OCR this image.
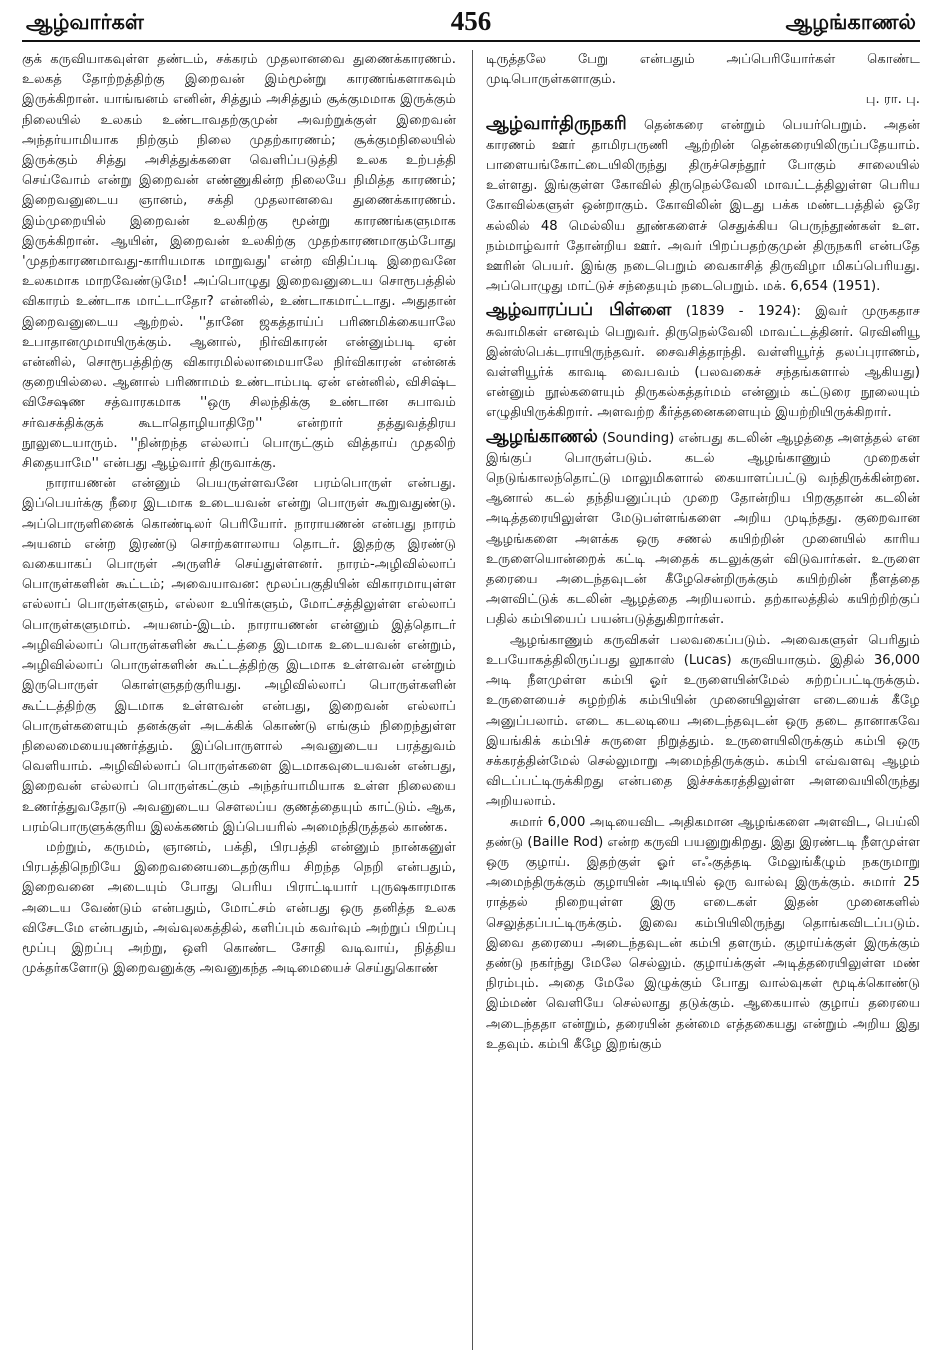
ஆழ்வார்கள்	456	ஆழங்காணல்

குக் கருவியாகவுள்ள தண்டம், சக்கரம் முதலானவை துணைக்காரணம். உலகத் தோற்றத்திற்கு இறைவன் இம்மூன்று காரணங்களாகவும் இருக்கிறான். யாங்ஙனம் எனின், சித்தும் அசித்தும் சூக்குமமாக இருக்கும் நிலையில் உலகம் உண்டாவதற்குமுன் அவற்றுக்குள் இறைவன் அந்தர்யாமியாக நிற்கும் நிலை முதற்காரணம்; சூக்குமநிலையில் இருக்கும் சித்து அசித்துக்களை வெளிப்படுத்தி உலக உற்பத்தி செய்வோம் என்று இறைவன் எண்ணுகின்ற நிலையே நிமித்த காரணம்; இறைவனுடைய ஞானம், சக்தி முதலானவை துணைக்காரணம். இம்முறையில் இறைவன் உலகிற்கு மூன்று காரணங்களுமாக இருக்கிறான். ஆயின், இறைவன் உலகிற்கு முதற்காரணமாகும்போது 'முதற்காரணமாவது-காரியமாக மாறுவது' என்ற விதிப்படி இறைவனே உலகமாக மாறவேண்டுமே! அப்பொழுது இறைவனுடைய சொரூபத்தில் விகாரம் உண்டாக மாட்டாதோ? என்னில், உண்டாகமாட்டாது. அதுதான் இறைவனுடைய ஆற்றல். ''தானே ஜகத்தாய்ப் பரிணமிக்கையாலே உபாதானமுமாயிருக்கும். ஆனால், நிர்விகாரன் என்னும்படி ஏன் என்னில், சொரூபத்திற்கு விகாரமில்லாமையாலே நிர்விகாரன் என்னக் குறையில்லை. ஆனால் பரிணாமம் உண்டாம்படி ஏன் என்னில், விசிஷ்ட விசேஷண சத்வாரகமாக ''ஒரு சிலந்திக்கு உண்டான சுபாவம் சர்வசக்திக்குக் கூடாதொழியாதிறே'' என்றார் தத்துவத்திரய நூலுடையாரும். ''நின்றந்த எல்லாப் பொருட்கும் வித்தாய் முதலிற் சிதையாமே'' என்பது ஆழ்வார் திருவாக்கு.

நாராயணன் என்னும் பெயருள்ளவனே பரம்பொருள் என்பது. இப்பெயர்க்கு நீரை இடமாக உடையவன் என்று பொருள் கூறுவதுண்டு. அப்பொருளினைக் கொண்டிலர் பெரியோர். நாராயணன் என்பது நாரம் அயனம் என்ற இரண்டு சொற்களாலாய தொடர். இதற்கு இரண்டு வகையாகப் பொருள் அருளிச் செய்துள்ளனர். நாரம்-அழிவில்லாப் பொருள்களின் கூட்டம்; அவையாவன: மூலப்பகுதியின் விகாரமாயுள்ள எல்லாப் பொருள்களும், எல்லா உயிர்களும், மோட்சத்திலுள்ள எல்லாப் பொருள்களுமாம். அயனம்-இடம். நாராயணன் என்னும் இத்தொடர் அழிவில்லாப் பொருள்களின் கூட்டத்தை இடமாக உடையவன் என்றும், அழிவில்லாப் பொருள்களின் கூட்டத்திற்கு இடமாக உள்ளவன் என்றும் இருபொருள் கொள்ளுதற்குரியது. அழிவில்லாப் பொருள்களின் கூட்டத்திற்கு இடமாக உள்ளவன் என்பது, இறைவன் எல்லாப் பொருள்களையும் தனக்குள் அடக்கிக் கொண்டு எங்கும் நிறைந்துள்ள நிலைமையையுணர்த்தும். இப்பொருளால் அவனுடைய பரத்துவம் வெளியாம். அழிவில்லாப் பொருள்களை இடமாகவுடையவன் என்பது, இறைவன் எல்லாப் பொருள்கட்கும் அந்தர்யாமியாக உள்ள நிலையை உணர்த்துவதோடு அவனுடைய சௌலப்ய குணத்தையும் காட்டும். ஆக, பரம்பொருளுக்குரிய இலக்கணம் இப்பெயரில் அமைந்திருத்தல் காண்க.

மற்றும், கருமம், ஞானம், பக்தி, பிரபத்தி என்னும் நான்கனுள் பிரபத்திநெறியே இறைவனையடைதற்குரிய சிறந்த நெறி என்பதும், இறைவனை அடையும் போது பெரிய பிராட்டியார் புருஷகாரமாக அடைய வேண்டும் என்பதும், மோட்சம் என்பது ஒரு தனித்த உலக விசேடமே என்பதும், அவ்வுலகத்தில், களிப்பும் கவர்வும் அற்றுப் பிறப்பு மூப்பு இறப்பு அற்று, ஒளி கொண்ட சோதி வடிவாய், நித்திய முக்தர்களோடு இறைவனுக்கு அவனுகந்த அடிமையைச் செய்துகொண்

டிருத்தலே பேறு என்பதும் அப்பெரியோர்கள் கொண்ட முடிபொருள்களாகும்.

பு. ரா. பு.

ஆழ்வார்திருநகரி தென்கரை என்றும் பெயர்பெறும். அதன் காரணம் ஊர் தாமிரபருணி ஆற்றின் தென்கரையிலிருப்பதேயாம். பாளையங்கோட்டையிலிருந்து திருச்செந்தூர் போகும் சாலையில் உள்ளது. இங்குள்ள கோவில் திருநெல்வேலி மாவட்டத்திலுள்ள பெரிய கோவில்களுள் ஒன்றாகும். கோவிலின் இடது பக்க மண்டபத்தில் ஒரே கல்லில் 48 மெல்லிய தூண்களைச் செதுக்கிய பெருந்தூண்கள் உள. நம்மாழ்வார் தோன்றிய ஊர். அவர் பிறப்பதற்குமுன் திருநகரி என்பதே ஊரின் பெயர். இங்கு நடைபெறும் வைகாசித் திருவிழா மிகப்பெரியது. அப்பொழுது மாட்டுச் சந்தையும் நடைபெறும். மக். 6,654 (1951).

ஆழ்வாரப்பப் பிள்ளை (1839 - 1924): இவர் முருகதாச சுவாமிகள் எனவும் பெறுவர். திருநெல்வேலி மாவட்டத்தினர். ரெவினியூ இன்ஸ்பெக்டராயிருந்தவர். சைவசித்தாந்தி. வள்ளியூர்த் தலப்புராணம், வள்ளியூர்க் காவடி வைபவம் (பலவகைச் சந்தங்களால் ஆகியது) என்னும் நூல்களையும் திருகல்கத்தர்மம் என்னும் கட்டுரை நூலையும் எழுதியிருக்கிறார். அளவற்ற கீர்த்தனைகளையும் இயற்றியிருக்கிறார்.

ஆழங்காணல் (Sounding) என்பது கடலின் ஆழத்தை அளத்தல் என இங்குப் பொருள்படும். கடல் ஆழங்காணும் முறைகள் நெடுங்காலந்தொட்டு மாலுமிகளால் கையாளப்பட்டு வந்திருக்கின்றன. ஆனால் கடல் தந்தியனுப்பும் முறை தோன்றிய பிறகுதான் கடலின் அடித்தரையிலுள்ள மேடுபள்ளங்களை அறிய முடிந்தது. குறைவான ஆழங்களை அளக்க ஒரு சணல் கயிற்றின் முனையில் காரிய உருளையொன்றைக் கட்டி அதைக் கடலுக்குள் விடுவார்கள். உருளை தரையை அடைந்தவுடன் கீழேசென்றிருக்கும் கயிற்றின் நீளத்தை அளவிட்டுக் கடலின் ஆழத்தை அறியலாம். தற்காலத்தில் கயிற்றிற்குப் பதில் கம்பியைப் பயன்படுத்துகிறார்கள்.

ஆழங்காணும் கருவிகள் பலவகைப்படும். அவைகளுள் பெரிதும் உபயோகத்திலிருப்பது லூகாஸ் (Lucas) கருவியாகும். இதில் 36,000 அடி நீளமுள்ள கம்பி ஓர் உருளையின்மேல் சுற்றப்பட்டிருக்கும். உருளையைச் சுழற்றிக் கம்பியின் முனையிலுள்ள எடையைக் கீழே அனுப்பலாம். எடை கடலடியை அடைந்தவுடன் ஒரு தடை தானாகவே இயங்கிக் கம்பிச் சுருளை நிறுத்தும். உருளையிலிருக்கும் கம்பி ஒரு சக்கரத்தின்மேல் செல்லுமாறு அமைந்திருக்கும். கம்பி எவ்வளவு ஆழம் விடப்பட்டிருக்கிறது என்பதை இச்சக்கரத்திலுள்ள அளவையிலிருந்து அறியலாம்.

சுமார் 6,000 அடியைவிட அதிகமான ஆழங்களை அளவிட, பெய்லி தண்டு (Baille Rod) என்ற கருவி பயனுறுகிறது. இது இரண்டடி நீளமுள்ள ஒரு குழாய். இதற்குள் ஓர் எஃகுத்தடி மேலுங்கீழும் நகருமாறு அமைந்திருக்கும் குழாயின் அடியில் ஒரு வால்வு இருக்கும். சுமார் 25 ராத்தல் நிறையுள்ள இரு எடைகள் இதன் முனைகளில் செலுத்தப்பட்டிருக்கும். இவை கம்பியிலிருந்து தொங்கவிடப்படும். இவை தரையை அடைந்தவுடன் கம்பி தளரும். குழாய்க்குள் இருக்கும் தண்டு நகர்ந்து மேலே செல்லும். குழாய்க்குள் அடித்தரையிலுள்ள மண் நிரம்பும். அதை மேலே இழுக்கும் போது வால்வுகள் மூடிக்கொண்டு இம்மண் வெளியே செல்லாது தடுக்கும். ஆகையால் குழாய் தரையை அடைந்ததா என்றும், தரையின் தன்மை எத்தகையது என்றும் அறிய இது உதவும். கம்பி கீழே இறங்கும்
